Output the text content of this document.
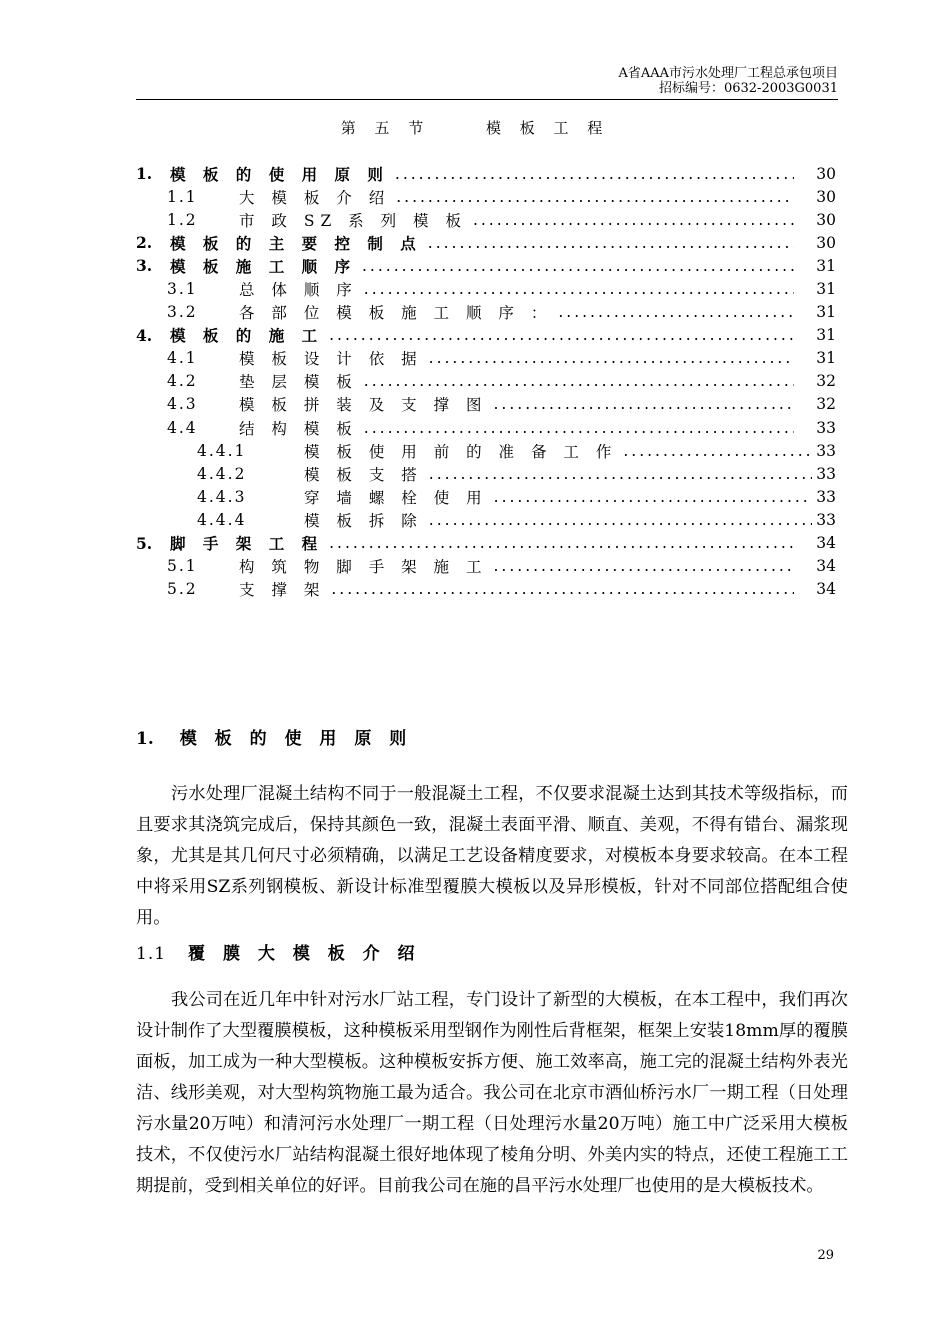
A省AAA市污水处理厂工程总承包项目
招标编号：0632-2003G0031
第 五 节　　 模 板 工 程
1.	模 板 的 使 用 原 则 .....	30
1.1	大 模 板 介 绍 .....	30
1.2	市 政 SZ 系 列 模 板 .....	30
2.	模 板 的 主 要 控 制 点 .....	30
3.	模 板 施 工 顺 序 .....	31
3.1	总 体 顺 序 .....	31
3.2	各 部 位 模 板 施 工 顺 序 ： .....	31
4.	模 板 的 施 工 .....	31
4.1	模 板 设 计 依 据 .....	31
4.2	垫 层 模 板 .....	32
4.3	模 板 拼 装 及 支 撑 图 .....	32
4.4	结 构 模 板 .....	33
4.4.1	模 板 使 用 前 的 准 备 工 作 .....	33
4.4.2	模 板 支 搭 .....	33
4.4.3	穿 墙 螺 栓 使 用 .....	33
4.4.4	模 板 拆 除 .....	33
5.	脚 手 架 工 程 .....	34
5.1	构 筑 物 脚 手 架 施 工 .....	34
5.2	支 撑 架 .....	34
1. 模 板 的 使 用 原 则
污水处理厂混凝土结构不同于一般混凝土工程，不仅要求混凝土达到其技术等级指标，而且要求其浇筑完成后，保持其颜色一致，混凝土表面平滑、顺直、美观，不得有错台、漏浆现象，尤其是其几何尺寸必须精确，以满足工艺设备精度要求，对模板本身要求较高。在本工程中将采用SZ系列钢模板、新设计标准型覆膜大模板以及异形模板，针对不同部位搭配组合使用。
1.1 覆 膜 大 模 板 介 绍
我公司在近几年中针对污水厂站工程，专门设计了新型的大模板，在本工程中，我们再次设计制作了大型覆膜模板，这种模板采用型钢作为刚性后背框架，框架上安装18mm厚的覆膜面板，加工成为一种大型模板。这种模板安拆方便、施工效率高，施工完的混凝土结构外表光洁、线形美观，对大型构筑物施工最为适合。我公司在北京市酒仙桥污水厂一期工程（日处理污水量20万吨）和清河污水处理厂一期工程（日处理污水量20万吨）施工中广泛采用大模板技术，不仅使污水厂站结构混凝土很好地体现了棱角分明、外美内实的特点，还使工程施工工期提前，受到相关单位的好评。目前我公司在施的昌平污水处理厂也使用的是大模板技术。
29
